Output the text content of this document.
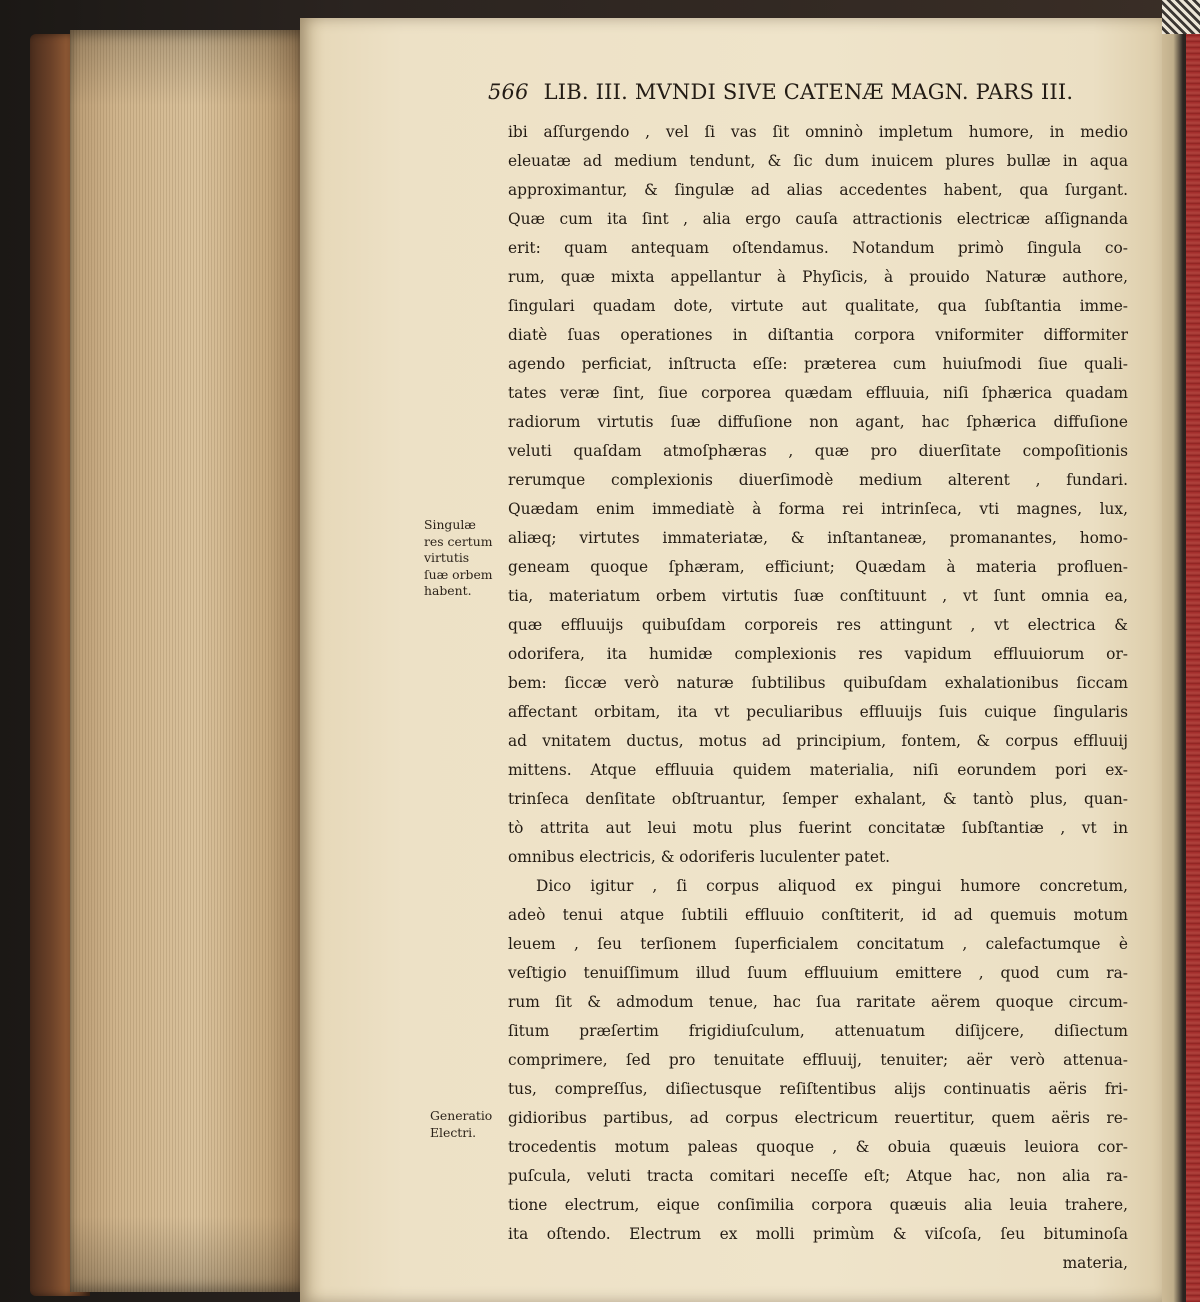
566 LIB. III. MVNDI SIVE CATENÆ MAGN. PARS III.
Singulæ
res certum
virtutis
ſuæ orbem
habent.
Generatio
Electri.
ibi aſſurgendo , vel ſi vas ſit omninò impletum humore, in medio
eleuatæ ad medium tendunt, & ſic dum inuicem plures bullæ in aqua
approximantur, & ſingulæ ad alias accedentes habent, qua ſurgant.
Quæ cum ita ſint , alia ergo cauſa attractionis electricæ aſſignanda
erit: quam antequam oſtendamus. Notandum primò ſingula co-
rum, quæ mixta appellantur à Phyſicis, à prouido Naturæ authore,
ſingulari quadam dote, virtute aut qualitate, qua ſubſtantia imme-
diatè ſuas operationes in diſtantia corpora vniformiter difformiter
agendo perficiat, inſtructa eſſe: præterea cum huiuſmodi ſiue quali-
tates veræ ſint, ſiue corporea quædam effluuia, niſi ſphærica quadam
radiorum virtutis ſuæ diffuſione non agant, hac ſphærica diffuſione
veluti quaſdam atmoſphæras , quæ pro diuerſitate compoſitionis
rerumque complexionis diuerſimodè medium alterent , fundari.
Quædam enim immediatè à forma rei intrinſeca, vti magnes, lux,
aliæq; virtutes immateriatæ, & inſtantaneæ, promanantes, homo-
geneam quoque ſphæram, efficiunt; Quædam à materia profluen-
tia, materiatum orbem virtutis ſuæ conſtituunt , vt ſunt omnia ea,
quæ effluuijs quibuſdam corporeis res attingunt , vt electrica &
odorifera, ita humidæ complexionis res vapidum effluuiorum or-
bem: ſiccæ verò naturæ ſubtilibus quibuſdam exhalationibus ſiccam
affectant orbitam, ita vt peculiaribus effluuijs ſuis cuique ſingularis
ad vnitatem ductus, motus ad principium, fontem, & corpus effluuij
mittens. Atque effluuia quidem materialia, niſi eorundem pori ex-
trinſeca denſitate obſtruantur, ſemper exhalant, & tantò plus, quan-
tò attrita aut leui motu plus fuerint concitatæ ſubſtantiæ , vt in
omnibus electricis, & odoriferis luculenter patet.
Dico igitur , ſi corpus aliquod ex pingui humore concretum,
adeò tenui atque ſubtili effluuio conſtiterit, id ad quemuis motum
leuem , ſeu terſionem ſuperficialem concitatum , calefactumque è
veſtigio tenuiſſimum illud ſuum effluuium emittere , quod cum ra-
rum ſit & admodum tenue, hac ſua raritate aërem quoque circum-
ſitum præſertim frigidiuſculum, attenuatum diſijcere, diſiectum
comprimere, ſed pro tenuitate effluuij, tenuiter; aër verò attenua-
tus, compreſſus, diſiectusque reſiſtentibus alijs continuatis aëris fri-
gidioribus partibus, ad corpus electricum reuertitur, quem aëris re-
trocedentis motum paleas quoque , & obuia quæuis leuiora cor-
puſcula, veluti tracta comitari neceſſe eſt; Atque hac, non alia ra-
tione electrum, eique conſimilia corpora quæuis alia leuia trahere,
ita oſtendo. Electrum ex molli primùm & viſcoſa, ſeu bituminoſa
materia,
